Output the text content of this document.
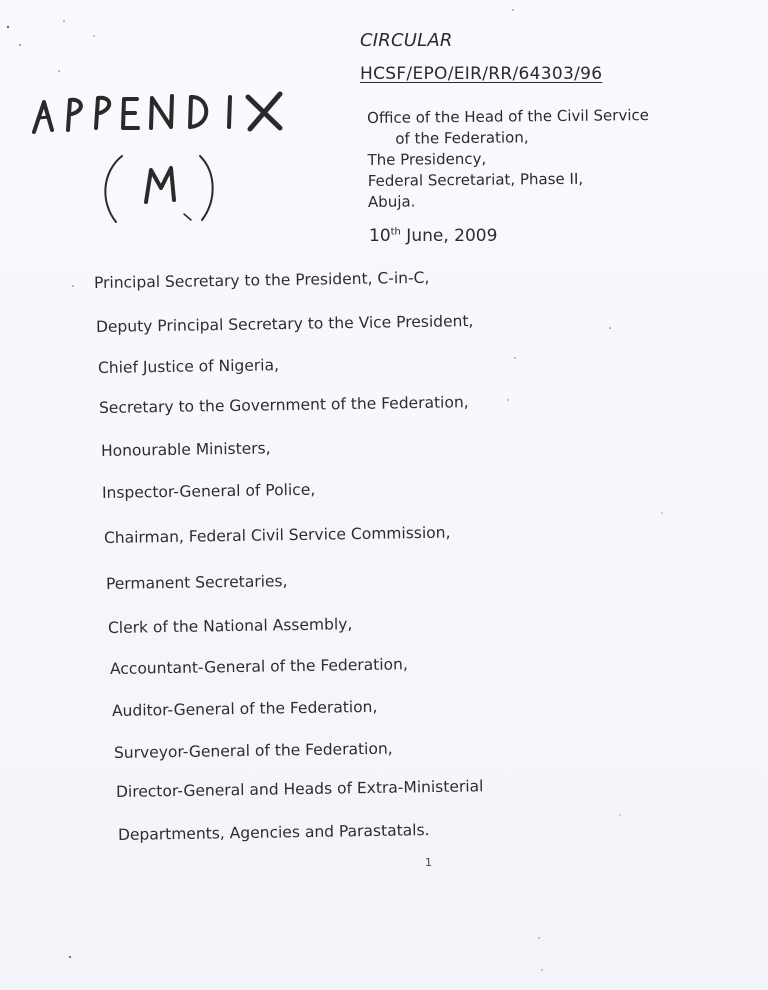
CIRCULAR
HCSF/EPO/EIR/RR/64303/96
Office of the Head of the Civil Service
of the Federation,
The Presidency,
Federal Secretariat, Phase II,
Abuja.
10th June, 2009
Principal Secretary to the President, C-in-C,
Deputy Principal Secretary to the Vice President,
Chief Justice of Nigeria,
Secretary to the Government of the Federation,
Honourable Ministers,
Inspector-General of Police,
Chairman, Federal Civil Service Commission,
Permanent Secretaries,
Clerk of the National Assembly,
Accountant-General of the Federation,
Auditor-General of the Federation,
Surveyor-General of the Federation,
Director-General and Heads of Extra-Ministerial
Departments, Agencies and Parastatals.
1
